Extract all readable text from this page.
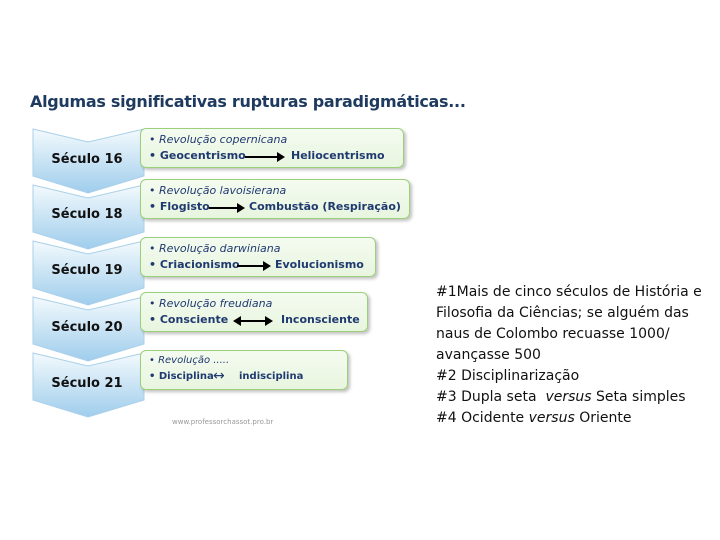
Algumas significativas rupturas paradigmáticas...
Século 16
• Revolução copernicana
• Geocentrismo	Heliocentrismo
Século 18
• Revolução lavoisierana
• Flogisto	Combustão (Respiração)
Século 19
• Revolução darwiniana
• Criacionismo	Evolucionismo
Século 20
• Revolução freudiana
• Consciente	Inconsciente
Século 21
• Revolução .....
• Disciplina ↔ indisciplina
www.professorchassot.pro.br
#1Mais de cinco séculos de História e
Filosofia da Ciências; se alguém das
naus de Colombo recuasse 1000/
avançasse 500
#2 Disciplinarização
#3 Dupla seta versus Seta simples
#4 Ocidente versus Oriente
